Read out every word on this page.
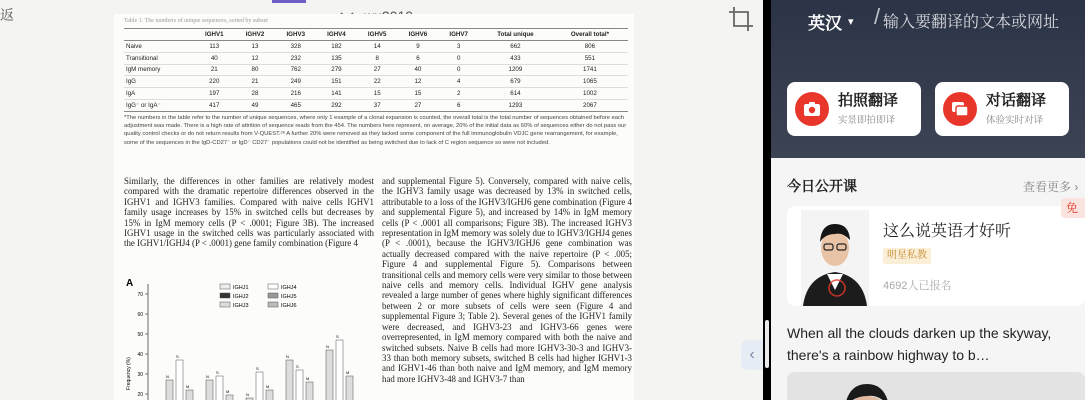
返	Table 1. The numbers of unique sequences, sorted by subset
	IGHV1	IGHV2	IGHV3	IGHV4	IGHV5	IGHV6	IGHV7	Total unique	Overall total*
Naive	113	13	328	182	14	9	3	662	806
Transitional	40	12	232	135	8	6	0	433	551
IgM memory	21	80	762	279	27	40	0	1209	1741
IgG	220	21	249	151	22	12	4	679	1065
IgA	197	28	216	141	15	15	2	614	1002
IgG⁻ or IgA⁻	417	49	465	292	37	27	6	1293	2067
*The numbers in the table refer to the number of unique sequences, where only 1 example of a clonal expansion is counted, the overall total is the total number of sequences obtained before each adjustment was made. There is a high rate of attrition of sequence reads from the 454. The numbers here represent, on average, 20% of the initial data as 60% of sequences either do not pass our quality control checks or do not return results from V-QUEST.²⁸ A further 20% were removed as they lacked some component of the full immunoglobulin VDJC gene rearrangement, for example, some of the sequences in the IgD-CD27⁻ or IgD⁻ CD27⁻ populations could not be identified as being switched due to lack of C region sequence so were not included.
Similarly, the differences in other families are relatively modest compared with the dramatic repertoire differences observed in the IGHV1 and IGHV3 families. Compared with naive cells IGHV1 family usage increases by 15% in switched cells but decreases by 15% in IgM memory cells (P < .0001; Figure 3B). The increased IGHV1 usage in the switched cells was particularly associated with the IGHV1/IGHJ4 (P < .0001) gene family combination (Figure 4
and supplemental Figure 5). Conversely, compared with naive cells, the IGHV3 family usage was decreased by 13% in switched cells, attributable to a loss of the IGHV3/IGHJ6 gene combination (Figure 4 and supplemental Figure 5), and increased by 14% in IgM memory cells (P < .0001 all comparisons; Figure 3B). The increased IGHV3 representation in IgM memory was solely due to IGHV3/IGHJ4 genes (P < .0001), because the IGHV3/IGHJ6 gene combination was actually decreased compared with the naive repertoire (P < .005; Figure 4 and supplemental Figure 5). Comparisons between transitional cells and memory cells were very similar to those between naive cells and memory cells. Individual IGHV gene analysis revealed a large number of genes where highly significant differences between 2 or more subsets of cells were seen (Figure 4 and supplemental Figure 3; Table 2). Several genes of the IGHV1 family were decreased, and IGHV3-23 and IGHV3-66 genes were overrepresented, in IgM memory compared with both the naive and switched subsets. Naive B cells had more IGHV3-30-3 and IGHV3-33 than both memory subsets, switched B cells had higher IGHV1-3 and IGHV1-46 than both naive and IgM memory, and IgM memory had more IGHV3-48 and IGHV3-7 than
A
Frequency (%)
70
60
50
40
30
20
IGHJ1	IGHJ4
IGHJ2	IGHJ5
IGHJ3	IGHJ6
N
S
M
N
S
M
N
S
M
N
S
M
N
S
M
‹
英汉 ▾ / 输入要翻译的文本或网址
拍照翻译
实景即拍即译
对话翻译
体验实时对译
今日公开课	查看更多 ›
这么说英语才好听
明星私教
4692人已报名
免
When all the clouds darken up the skyway, there's a rainbow highway to b…
